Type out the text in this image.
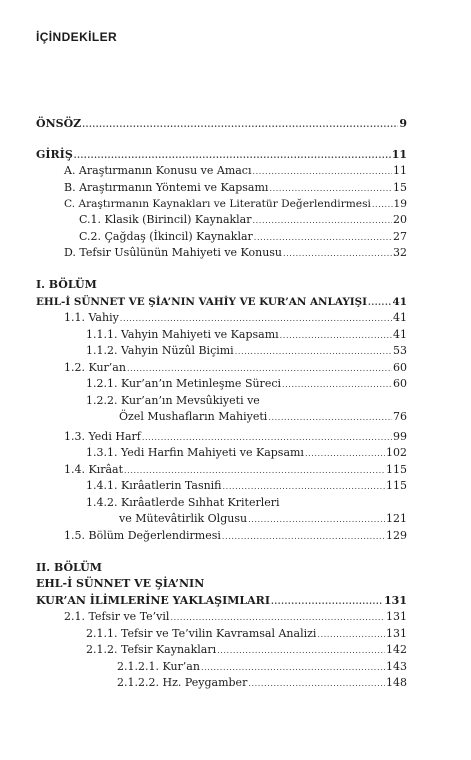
İÇİNDEKİLER
ÖNSÖZ .....	9
GİRİŞ .....	11
A. Araştırmanın Konusu ve Amacı .....	11
B. Araştırmanın Yöntemi ve Kapsamı .....	15
C. Araştırmanın Kaynakları ve Literatür Değerlendirmesi ..... 19
C.1. Klasik (Birincil) Kaynaklar .....	20
C.2. Çağdaş (İkincil) Kaynaklar .....	27
D. Tefsir Usûlünün Mahiyeti ve Konusu .....	32
I. BÖLÜM
EHL-İ SÜNNET VE ŞİA’NIN VAHİY VE KUR’AN ANLAYIŞI ..... 41
1.1. Vahiy .....	41
1.1.1. Vahyin Mahiyeti ve Kapsamı .....	41
1.1.2. Vahyin Nüzûl Biçimi .....	53
1.2. Kur’an .....	60
1.2.1. Kur’an’ın Metinleşme Süreci .....	60
1.2.2. Kur’an’ın Mevsûkiyeti ve
Özel Mushafların Mahiyeti .....	76
1.3. Yedi Harf .....	99
1.3.1. Yedi Harfin Mahiyeti ve Kapsamı .....	102
1.4. Kırâat .....	115
1.4.1. Kırâatlerin Tasnifi .....	115
1.4.2. Kırâatlerde Sıhhat Kriterleri
ve Mütevâtirlik Olgusu .....	121
1.5. Bölüm Değerlendirmesi .....	129
II. BÖLÜM
EHL-İ SÜNNET VE ŞİA’NIN
KUR’AN İLİMLERİNE YAKLAŞIMLARI .....	131
2.1. Tefsir ve Te’vil .....	131
2.1.1. Tefsir ve Te’vilin Kavramsal Analizi .....	131
2.1.2. Tefsir Kaynakları .....	142
2.1.2.1. Kur’an .....	143
2.1.2.2. Hz. Peygamber .....	148
